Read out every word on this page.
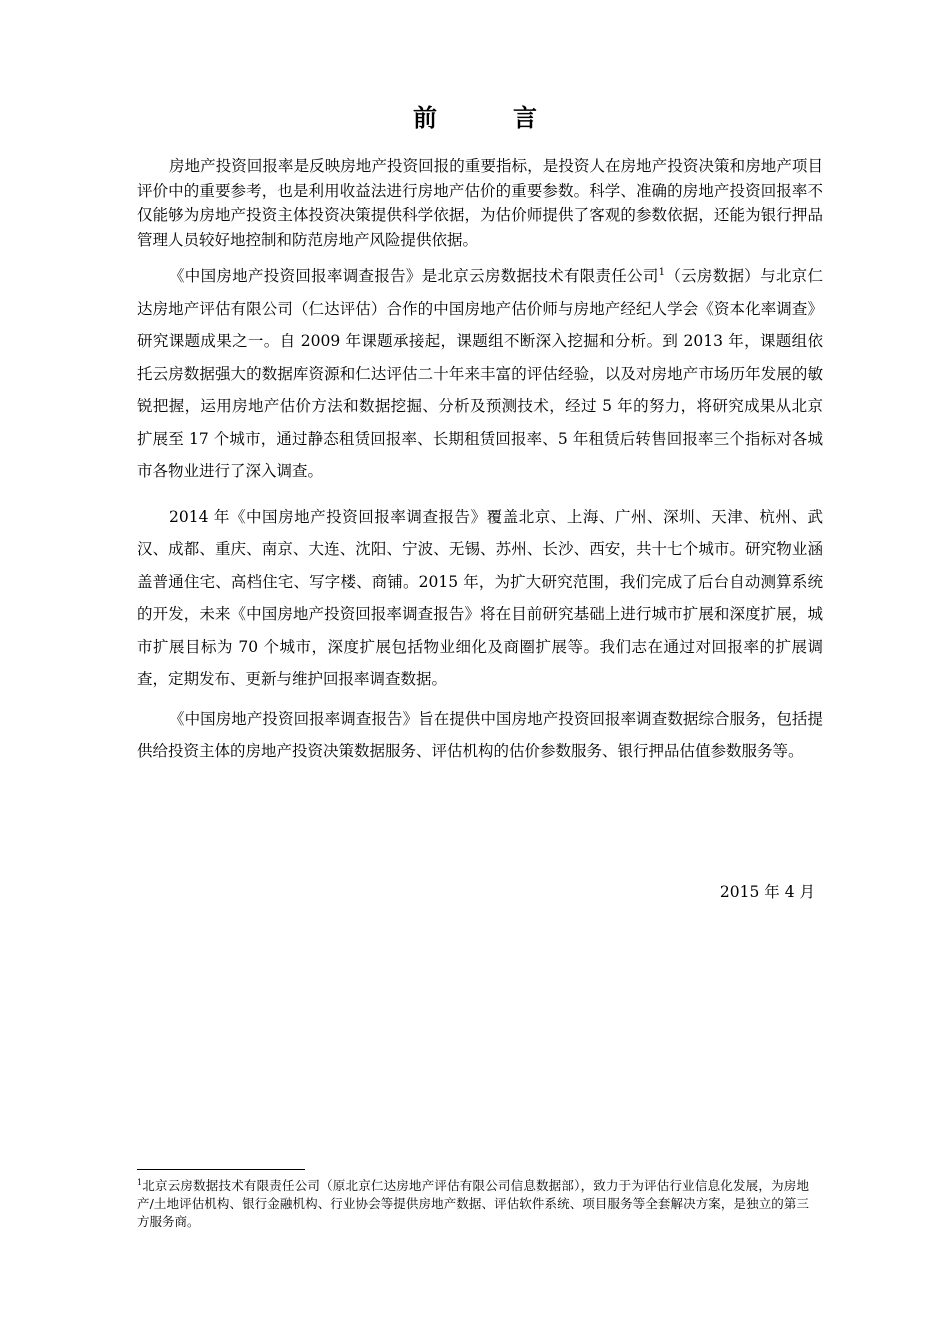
前　言

房地产投资回报率是反映房地产投资回报的重要指标，是投资人在房地产投资决策和房地产项目评价中的重要参考，也是利用收益法进行房地产估价的重要参数。科学、准确的房地产投资回报率不仅能够为房地产投资主体投资决策提供科学依据，为估价师提供了客观的参数依据，还能为银行押品管理人员较好地控制和防范房地产风险提供依据。

《中国房地产投资回报率调查报告》是北京云房数据技术有限责任公司$^1$（云房数据）与北京仁达房地产评估有限公司（仁达评估）合作的中国房地产估价师与房地产经纪人学会《资本化率调查》研究课题成果之一。自 2009 年课题承接起，课题组不断深入挖掘和分析。到 2013 年，课题组依托云房数据强大的数据库资源和仁达评估二十年来丰富的评估经验，以及对房地产市场历年发展的敏锐把握，运用房地产估价方法和数据挖掘、分析及预测技术，经过 5 年的努力，将研究成果从北京扩展至 17 个城市，通过静态租赁回报率、长期租赁回报率、5 年租赁后转售回报率三个指标对各城市各物业进行了深入调查。

2014 年《中国房地产投资回报率调查报告》覆盖北京、上海、广州、深圳、天津、杭州、武汉、成都、重庆、南京、大连、沈阳、宁波、无锡、苏州、长沙、西安，共十七个城市。研究物业涵盖普通住宅、高档住宅、写字楼、商铺。2015 年，为扩大研究范围，我们完成了后台自动测算系统的开发，未来《中国房地产投资回报率调查报告》将在目前研究基础上进行城市扩展和深度扩展，城市扩展目标为 70 个城市，深度扩展包括物业细化及商圈扩展等。我们志在通过对回报率的扩展调查，定期发布、更新与维护回报率调查数据。

《中国房地产投资回报率调查报告》旨在提供中国房地产投资回报率调查数据综合服务，包括提供给投资主体的房地产投资决策数据服务、评估机构的估价参数服务、银行押品估值参数服务等。

2015 年 4 月
$^1$北京云房数据技术有限责任公司（原北京仁达房地产评估有限公司信息数据部），致力于为评估行业信息化发展，为房地产/土地评估机构、银行金融机构、行业协会等提供房地产数据、评估软件系统、项目服务等全套解决方案，是独立的第三方服务商。
